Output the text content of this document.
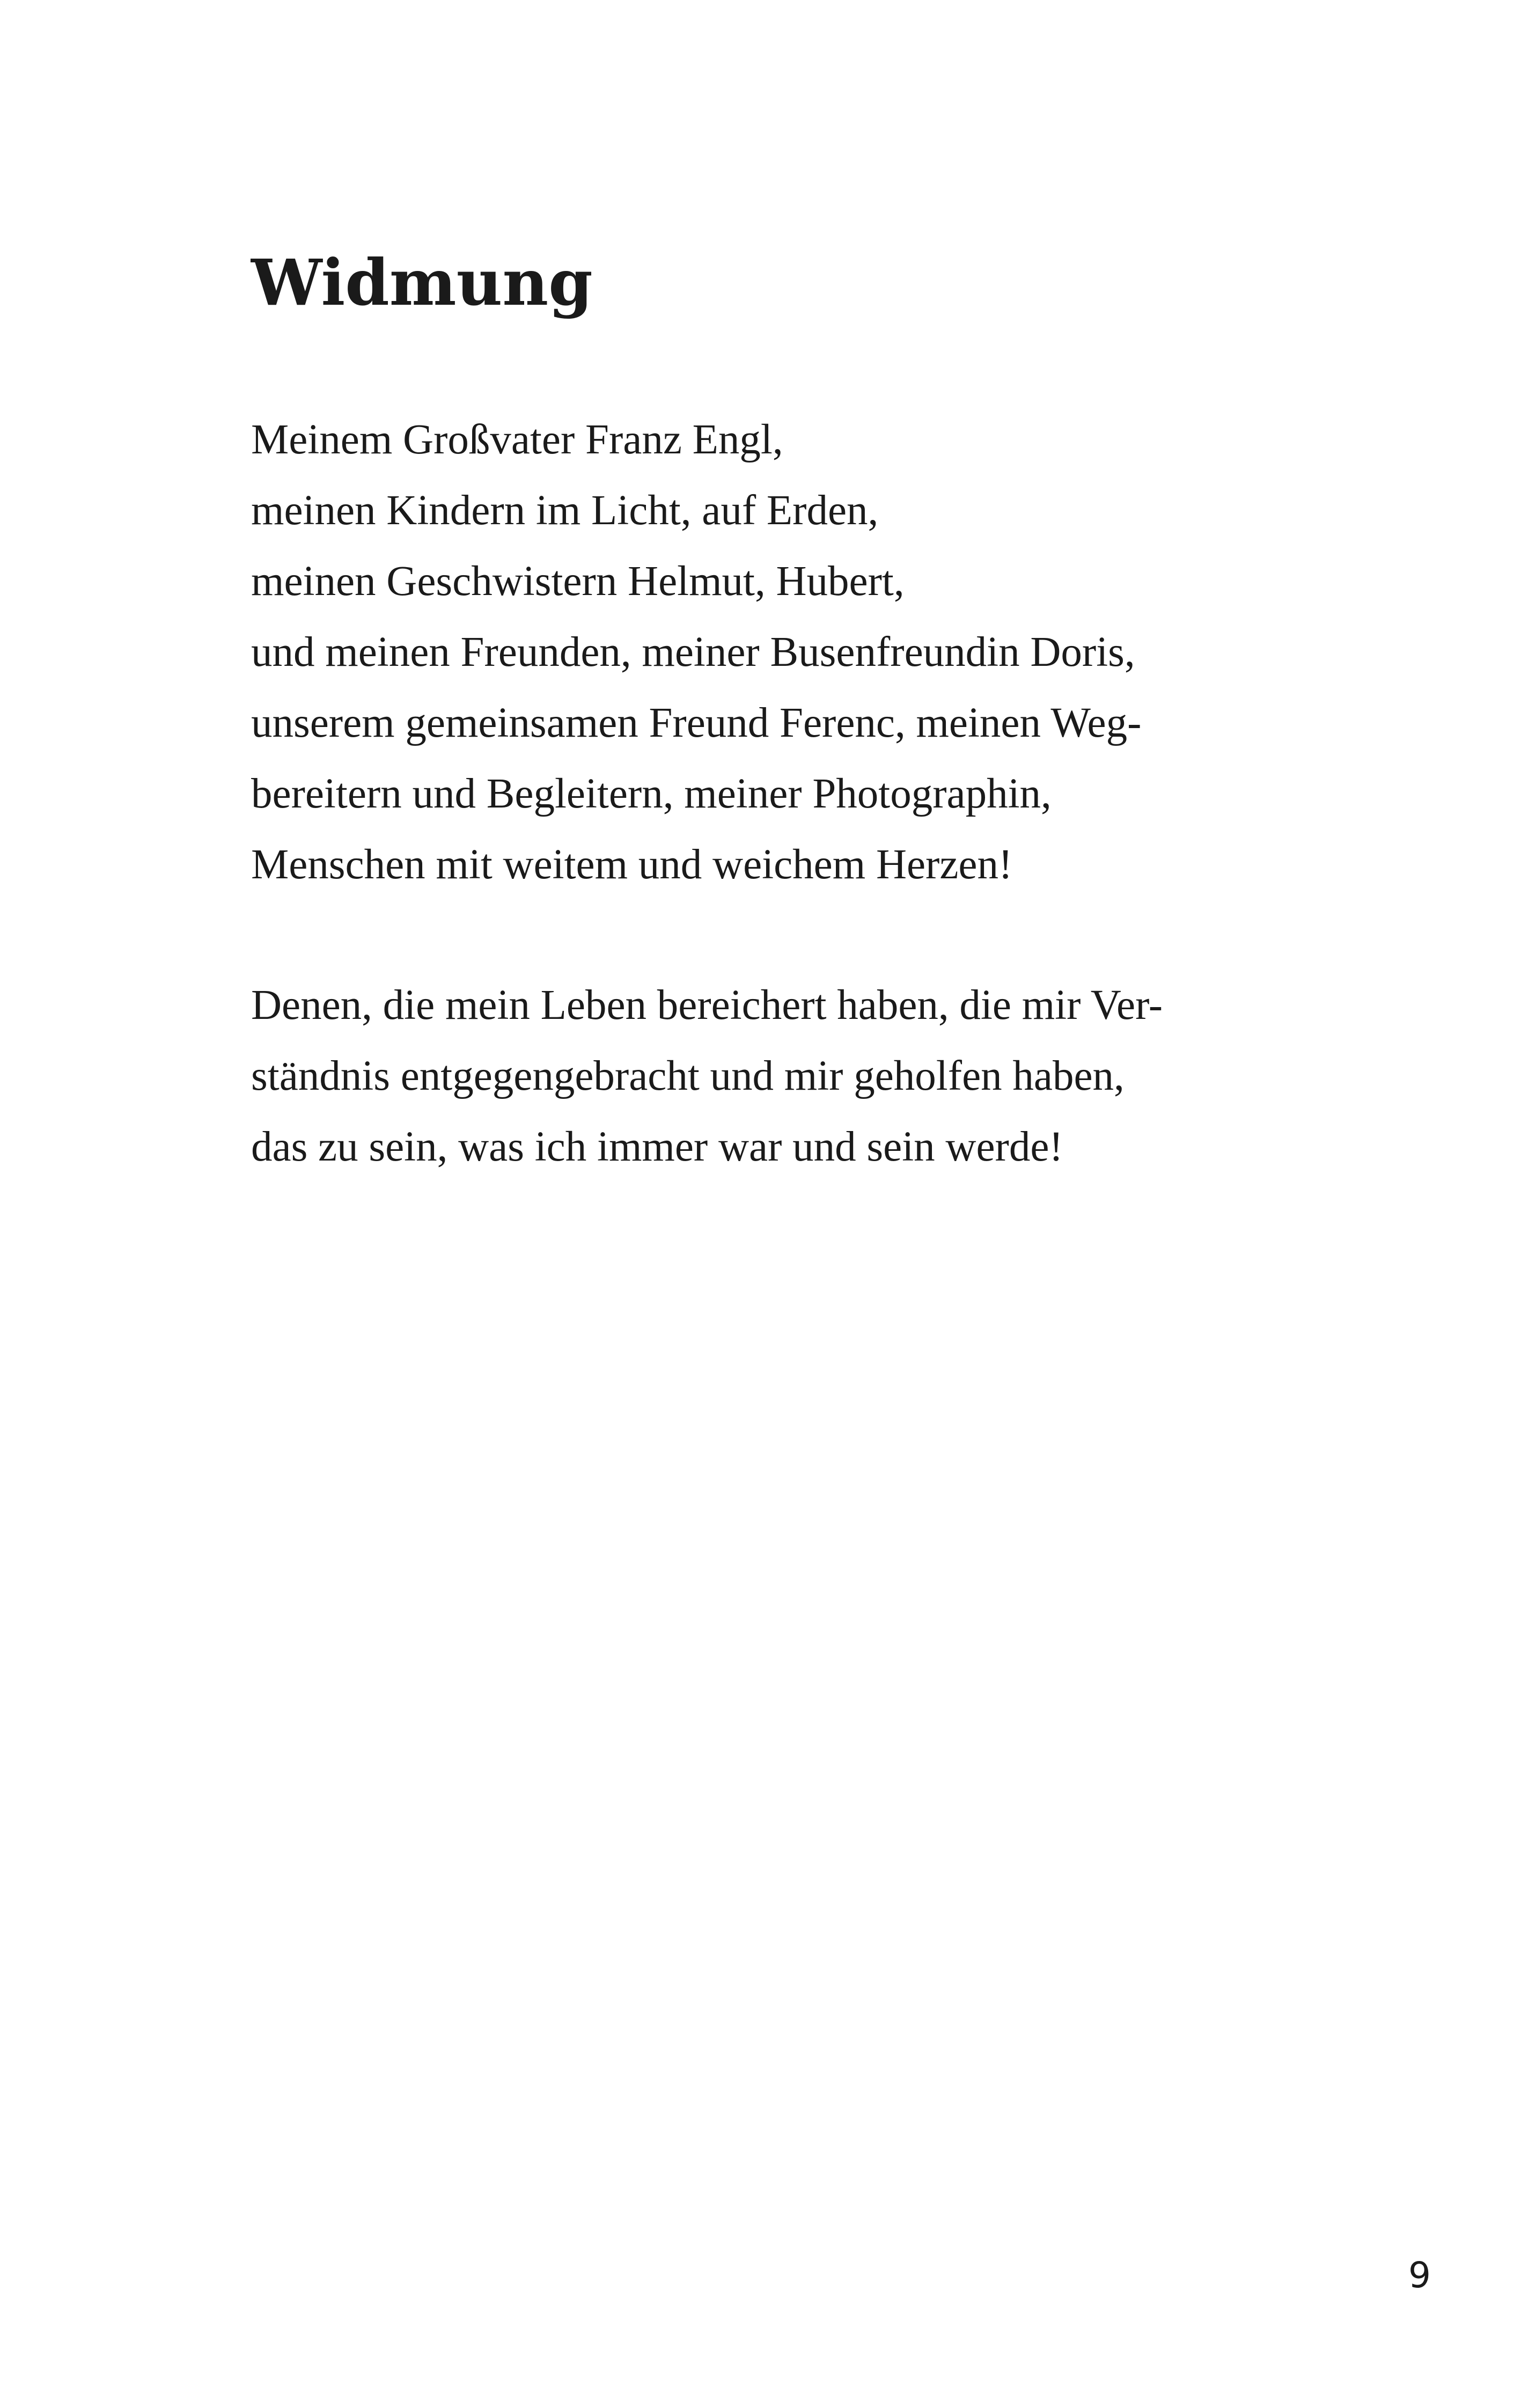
Widmung
Meinem Großvater Franz Engl,
meinen Kindern im Licht, auf Erden,
meinen Geschwistern Helmut, Hubert,
und meinen Freunden, meiner Busenfreundin Doris,
unserem gemeinsamen Freund Ferenc, meinen Weg-
bereitern und Begleitern, meiner Photographin,
Menschen mit weitem und weichem Herzen!
Denen, die mein Leben bereichert haben, die mir Ver-
ständnis entgegengebracht und mir geholfen haben,
das zu sein, was ich immer war und sein werde!

9
